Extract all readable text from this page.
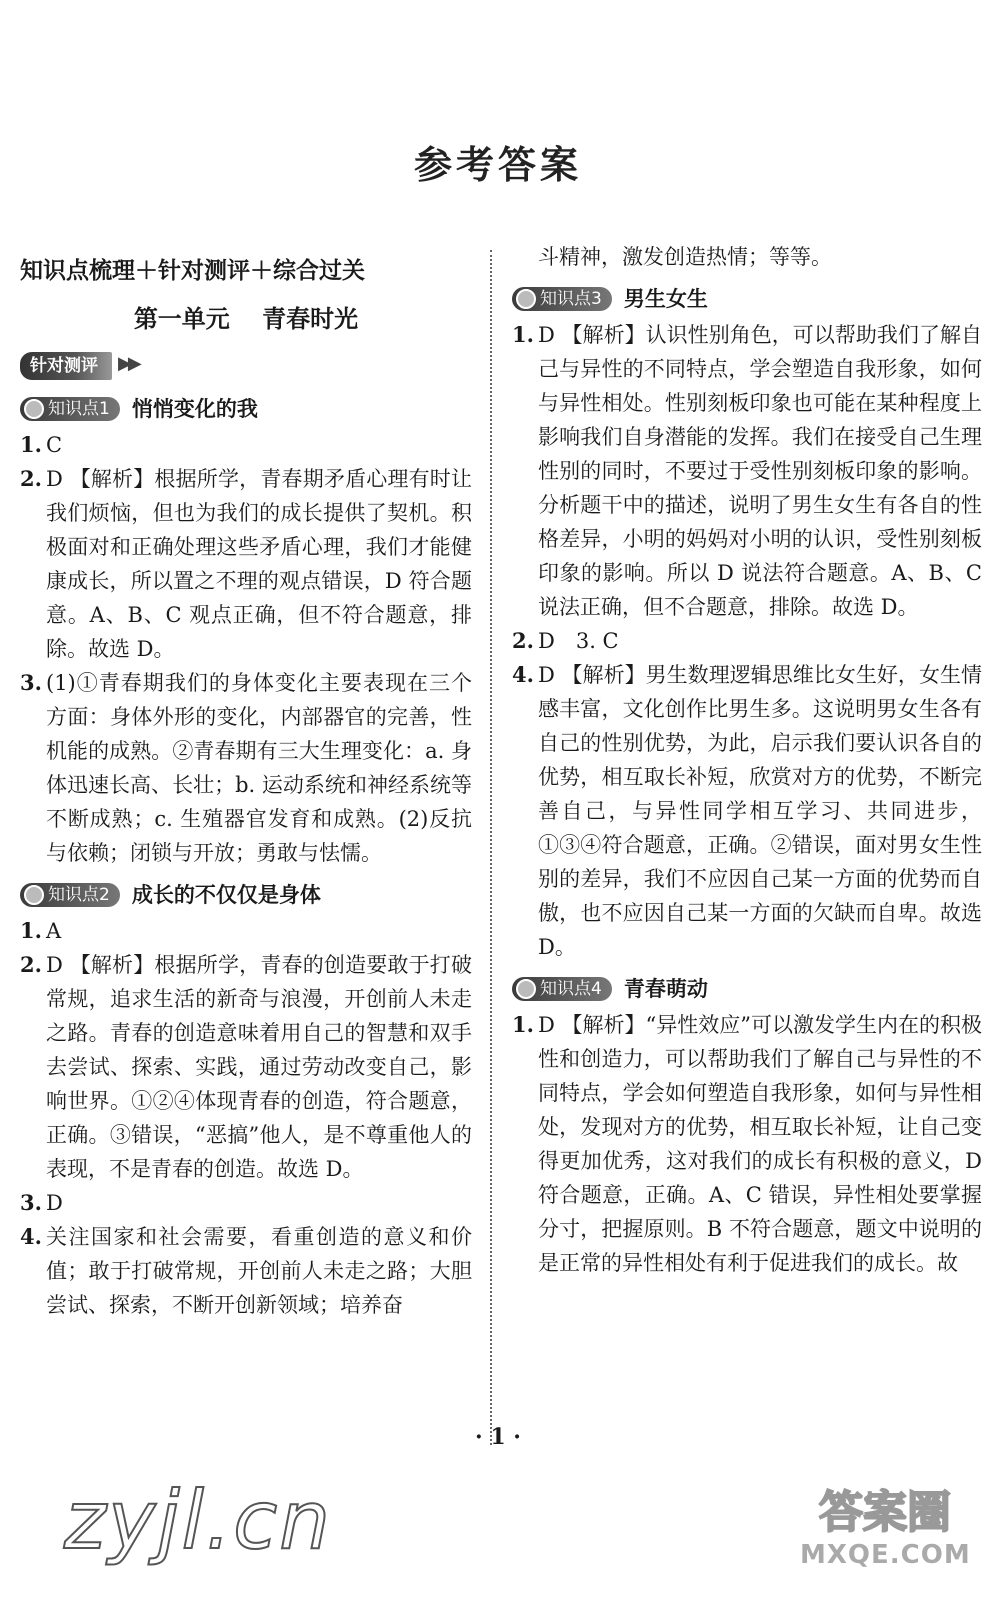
参考答案
知识点梳理＋针对测评＋综合过关
第一单元 青春时光
针对测评	▶▶
知识点1 悄悄变化的我
1. C
2. D 【解析】根据所学，青春期矛盾心理有时让我们烦恼，但也为我们的成长提供了契机。积极面对和正确处理这些矛盾心理，我们才能健康成长，所以置之不理的观点错误，D 符合题意。A、B、C 观点正确，但不符合题意，排除。故选 D。
3. (1)①青春期我们的身体变化主要表现在三个方面：身体外形的变化，内部器官的完善，性机能的成熟。②青春期有三大生理变化：a. 身体迅速长高、长壮；b. 运动系统和神经系统等不断成熟；c. 生殖器官发育和成熟。(2)反抗与依赖；闭锁与开放；勇敢与怯懦。
知识点2 成长的不仅仅是身体
1. A
2. D 【解析】根据所学，青春的创造要敢于打破常规，追求生活的新奇与浪漫，开创前人未走之路。青春的创造意味着用自己的智慧和双手去尝试、探索、实践，通过劳动改变自己，影响世界。①②④体现青春的创造，符合题意，正确。③错误，“恶搞”他人，是不尊重他人的表现，不是青春的创造。故选 D。
3. D
4. 关注国家和社会需要，看重创造的意义和价值；敢于打破常规，开创前人未走之路；大胆尝试、探索，不断开创新领域；培养奋
斗精神，激发创造热情；等等。
知识点3 男生女生
1. D 【解析】认识性别角色，可以帮助我们了解自己与异性的不同特点，学会塑造自我形象，如何与异性相处。性别刻板印象也可能在某种程度上影响我们自身潜能的发挥。我们在接受自己生理性别的同时，不要过于受性别刻板印象的影响。分析题干中的描述，说明了男生女生有各自的性格差异，小明的妈妈对小明的认识，受性别刻板印象的影响。所以 D 说法符合题意。A、B、C 说法正确，但不合题意，排除。故选 D。
2. D　3. C
4. D 【解析】男生数理逻辑思维比女生好，女生情感丰富，文化创作比男生多。这说明男女生各有自己的性别优势，为此，启示我们要认识各自的优势，相互取长补短，欣赏对方的优势，不断完善自己，与异性同学相互学习、共同进步，①③④符合题意，正确。②错误，面对男女生性别的差异，我们不应因自己某一方面的优势而自傲，也不应因自己某一方面的欠缺而自卑。故选 D。
知识点4 青春萌动
1. D 【解析】“异性效应”可以激发学生内在的积极性和创造力，可以帮助我们了解自己与异性的不同特点，学会如何塑造自我形象，如何与异性相处，发现对方的优势，相互取长补短，让自己变得更加优秀，这对我们的成长有积极的意义，D 符合题意，正确。A、C 错误，异性相处要掌握分寸，把握原则。B 不符合题意，题文中说明的是正常的异性相处有利于促进我们的成长。故
· 1 ·
zyjl.cn	答案圈
MXQE.COM
